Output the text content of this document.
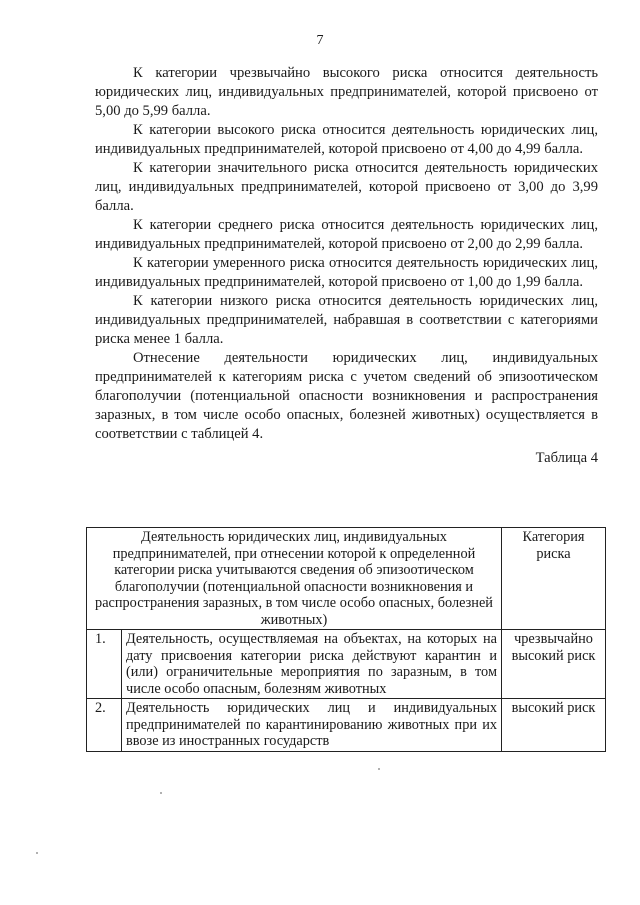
7

К категории чрезвычайно высокого риска относится деятельность юридических лиц, индивидуальных предпринимателей, которой присвоено от 5,00 до 5,99 балла.

К категории высокого риска относится деятельность юридических лиц, индивидуальных предпринимателей, которой присвоено от 4,00 до 4,99 балла.

К категории значительного риска относится деятельность юридических лиц, индивидуальных предпринимателей, которой присвоено от 3,00 до 3,99 балла.

К категории среднего риска относится деятельность юридических лиц, индивидуальных предпринимателей, которой присвоено от 2,00 до 2,99 балла.

К категории умеренного риска относится деятельность юридических лиц, индивидуальных предпринимателей, которой присвоено от 1,00 до 1,99 балла.

К категории низкого риска относится деятельность юридических лиц, индивидуальных предпринимателей, набравшая в соответствии с категориями риска менее 1 балла.

Отнесение деятельности юридических лиц, индивидуальных предпринимателей к категориям риска с учетом сведений об эпизоотическом благополучии (потенциальной опасности возникновения и распространения заразных, в том числе особо опасных, болезней животных) осуществляется в соответствии с таблицей 4.

Таблица 4
Деятельность юридических лиц, индивидуальных предпринимателей, при отнесении которой к определенной категории риска учитываются сведения об эпизоотическом благополучии (потенциальной опасности возникновения и распространения заразных, в том числе особо опасных, болезней животных)		Категория риска
1.	Деятельность, осуществляемая на объектах, на которых на дату присвоения категории риска действуют карантин и (или) ограничительные мероприятия по заразным, в том числе особо опасным, болезням животных	чрезвычайно высокий риск
2.	Деятельность юридических лиц и индивидуальных предпринимателей по карантинированию животных при их ввозе из иностранных государств	высокий риск
